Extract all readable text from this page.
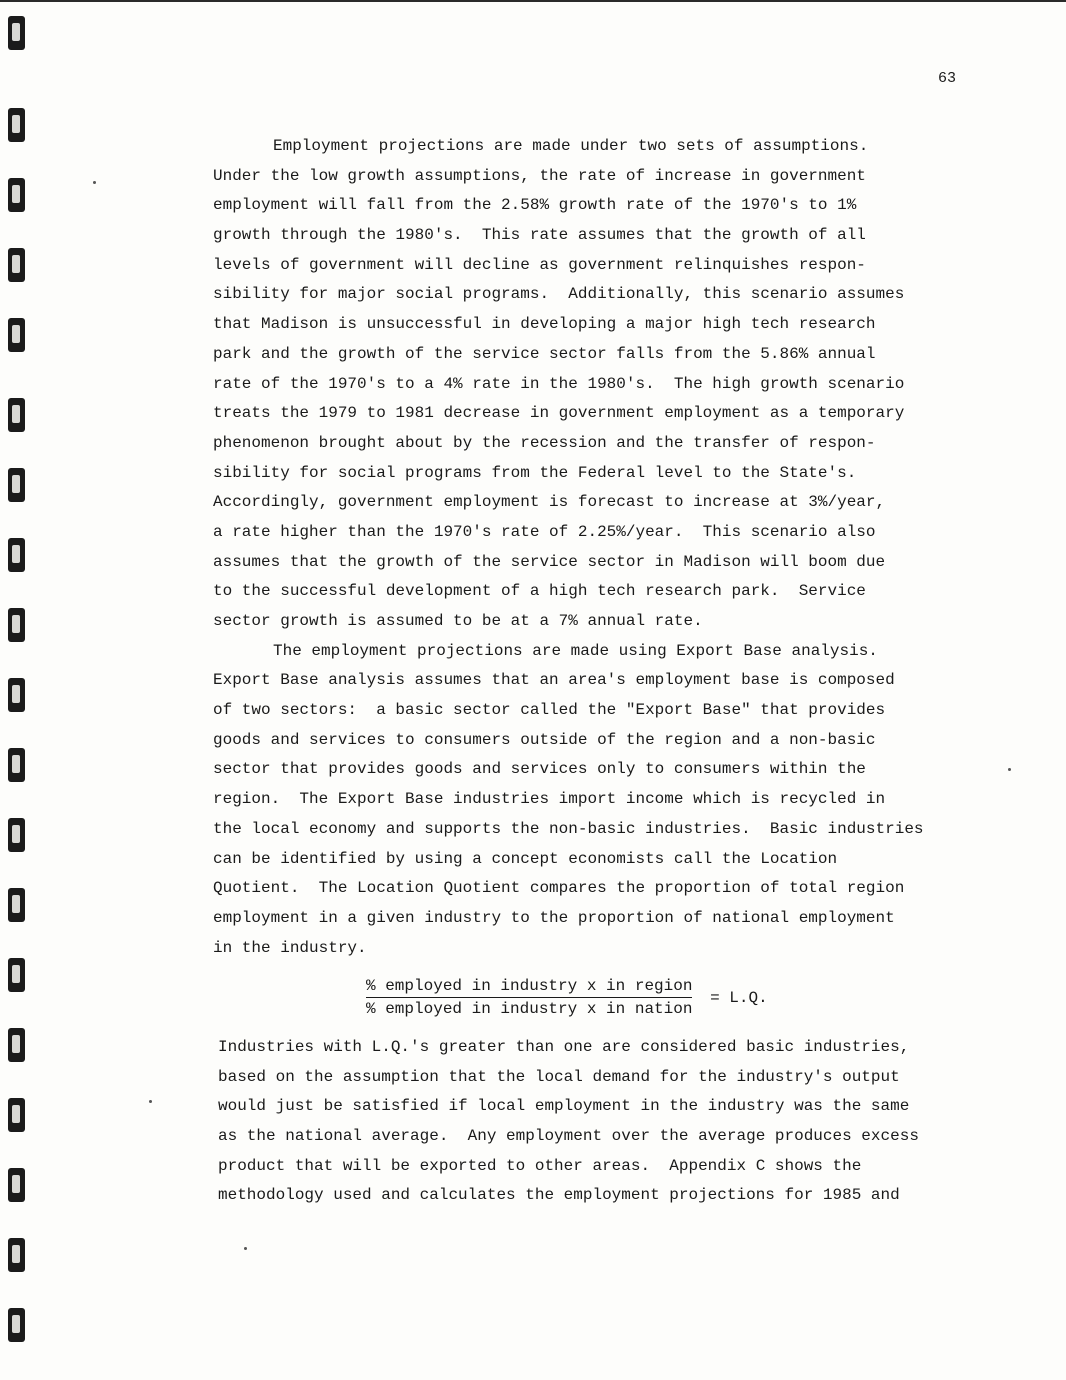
63
Employment projections are made under two sets of assumptions.
Under the low growth assumptions, the rate of increase in government
employment will fall from the 2.58% growth rate of the 1970's to 1%
growth through the 1980's.  This rate assumes that the growth of all
levels of government will decline as government relinquishes respon-
sibility for major social programs.  Additionally, this scenario assumes
that Madison is unsuccessful in developing a major high tech research
park and the growth of the service sector falls from the 5.86% annual
rate of the 1970's to a 4% rate in the 1980's.  The high growth scenario
treats the 1979 to 1981 decrease in government employment as a temporary
phenomenon brought about by the recession and the transfer of respon-
sibility for social programs from the Federal level to the State's.
Accordingly, government employment is forecast to increase at 3%/year,
a rate higher than the 1970's rate of 2.25%/year.  This scenario also
assumes that the growth of the service sector in Madison will boom due
to the successful development of a high tech research park.  Service
sector growth is assumed to be at a 7% annual rate.
The employment projections are made using Export Base analysis.
Export Base analysis assumes that an area's employment base is composed
of two sectors:  a basic sector called the "Export Base" that provides
goods and services to consumers outside of the region and a non-basic
sector that provides goods and services only to consumers within the
region.  The Export Base industries import income which is recycled in
the local economy and supports the non-basic industries.  Basic industries
can be identified by using a concept economists call the Location
Quotient.  The Location Quotient compares the proportion of total region
employment in a given industry to the proportion of national employment
in the industry.
$\frac{\text{\% employed in industry x in region}}{\text{\% employed in industry x in nation}} = L.Q$.
Industries with L.Q.'s greater than one are considered basic industries,
based on the assumption that the local demand for the industry's output
would just be satisfied if local employment in the industry was the same
as the national average.  Any employment over the average produces excess
product that will be exported to other areas.  Appendix C shows the
methodology used and calculates the employment projections for 1985 and
